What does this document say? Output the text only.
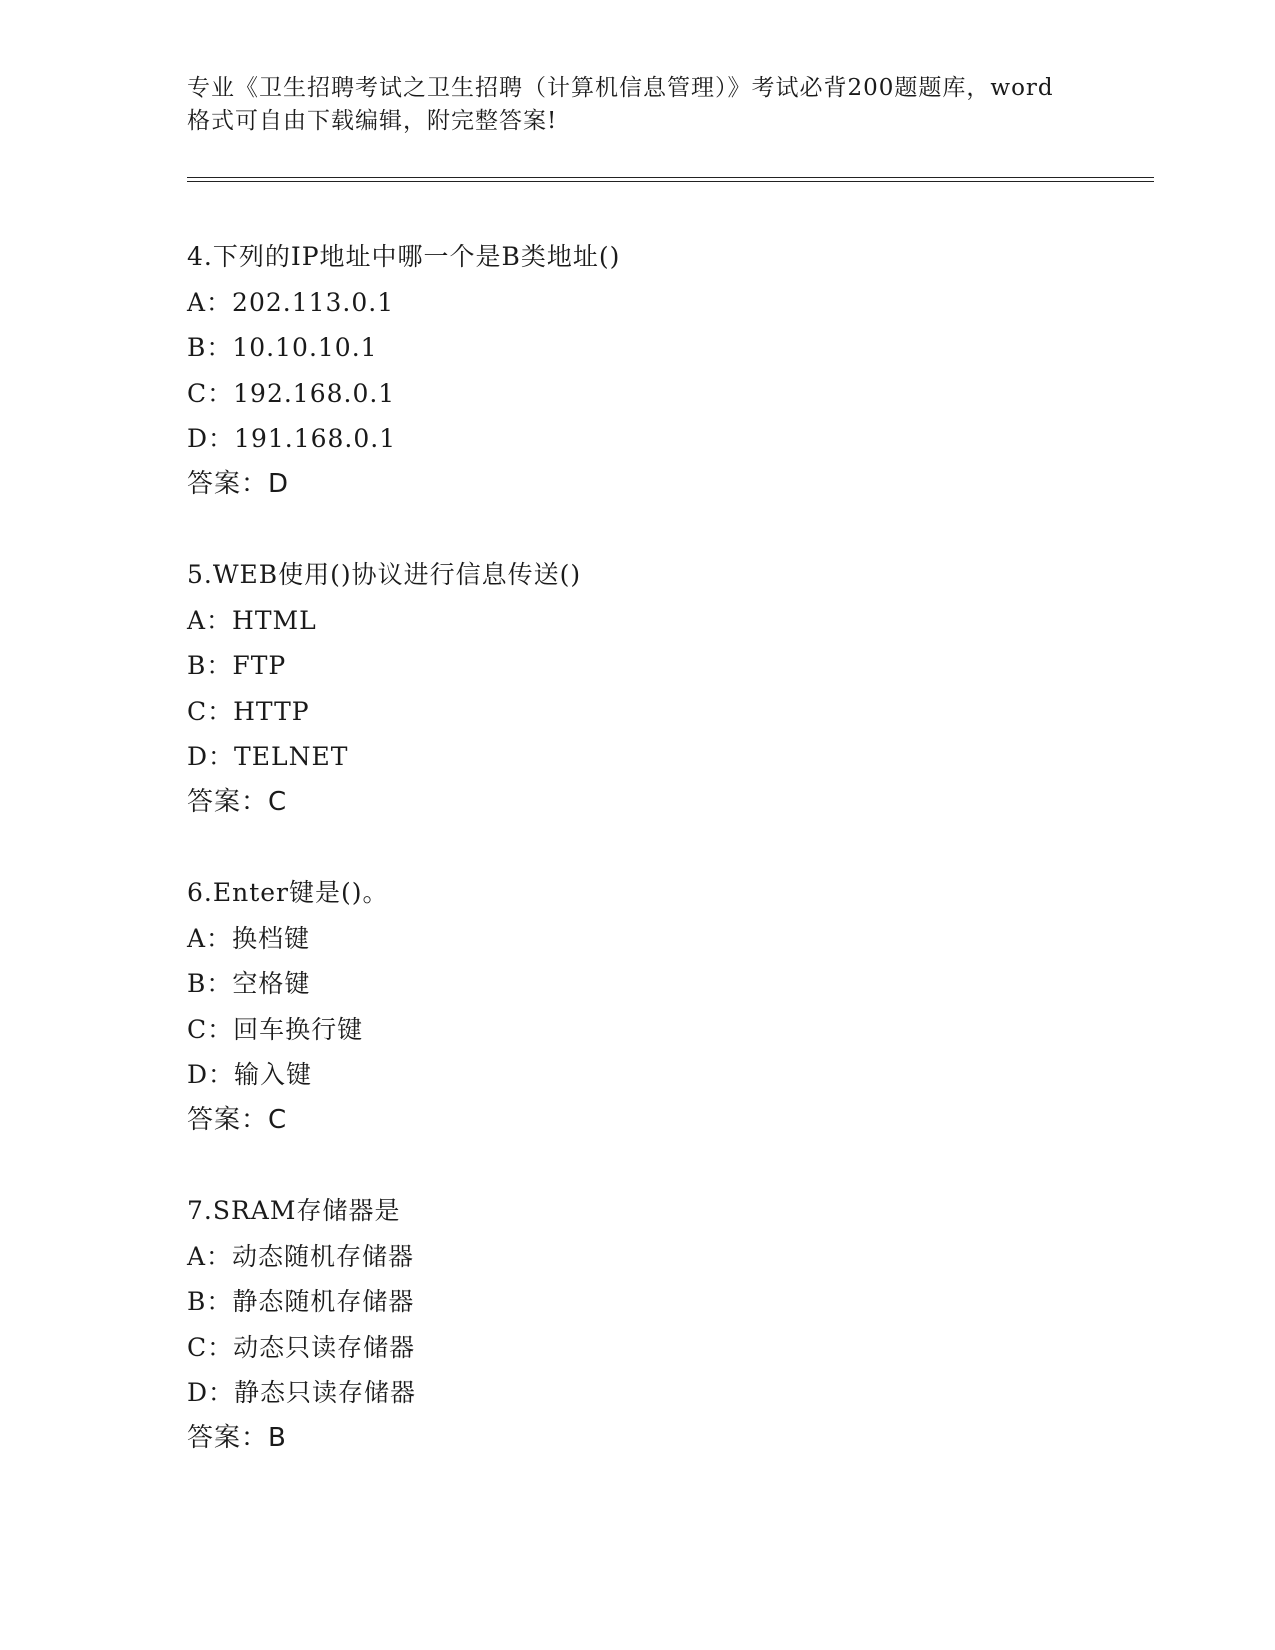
专业《卫生招聘考试之卫生招聘（计算机信息管理）》考试必背200题题库，word
格式可自由下载编辑，附完整答案!
4.下列的IP地址中哪一个是B类地址()
A：202.113.0.1
B：10.10.10.1
C：192.168.0.1
D：191.168.0.1
答案：D
5.WEB使用()协议进行信息传送()
A：HTML
B：FTP
C：HTTP
D：TELNET
答案：C
6.Enter键是()。
A：换档键
B：空格键
C：回车换行键
D：输入键
答案：C
7.SRAM存储器是
A：动态随机存储器
B：静态随机存储器
C：动态只读存储器
D：静态只读存储器
答案：B
